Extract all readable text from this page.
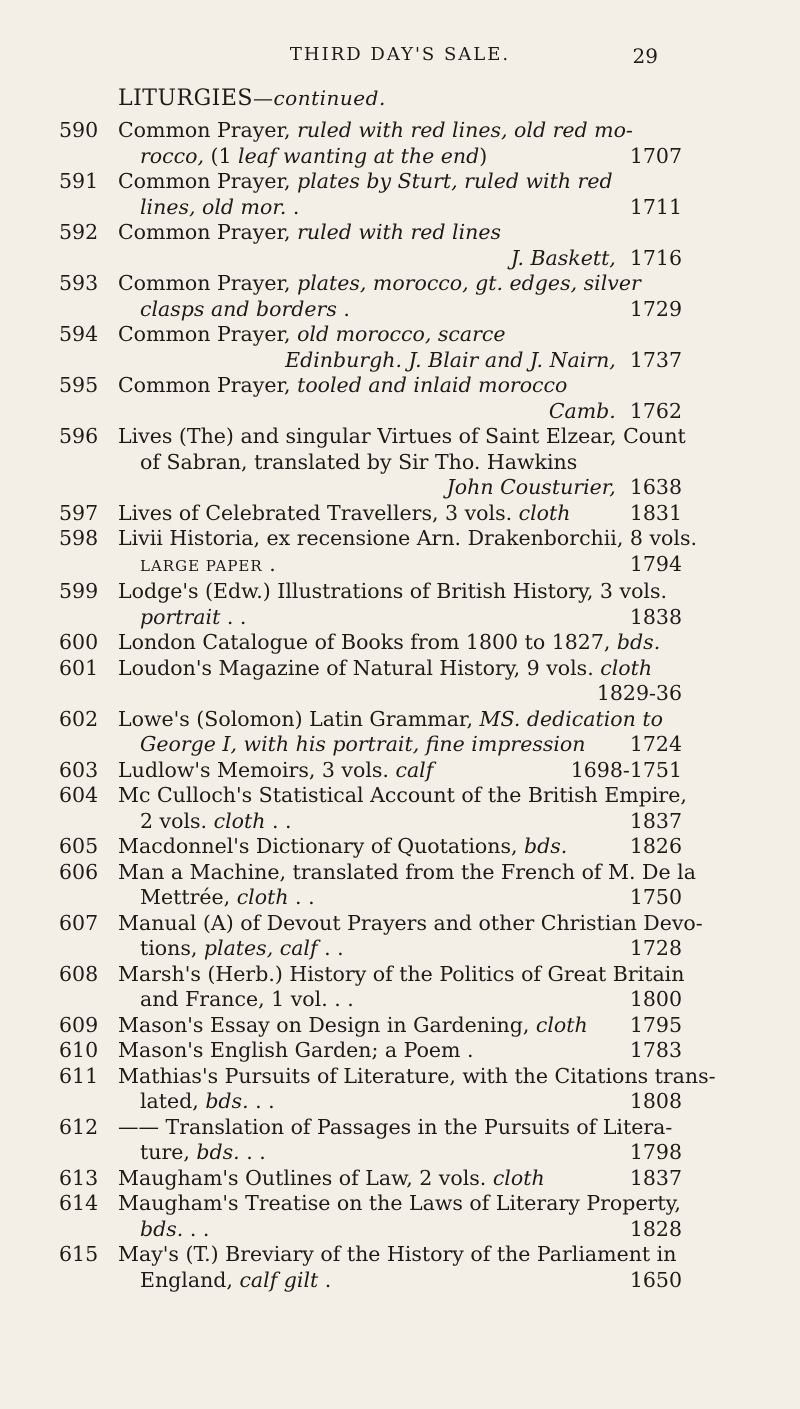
THIRD DAY'S SALE.	29
LITURGIES—continued.
590 Common Prayer, ruled with red lines, old red mo-
rocco, (1 leaf wanting at the end)	1707
591 Common Prayer, plates by Sturt, ruled with red
lines, old mor. .	1711
592 Common Prayer, ruled with red lines
J. Baskett, 1716
593 Common Prayer, plates, morocco, gt. edges, silver
clasps and borders .	1729
594 Common Prayer, old morocco, scarce
Edinburgh. J. Blair and J. Nairn, 1737
595 Common Prayer, tooled and inlaid morocco
Camb. 1762
596 Lives (The) and singular Virtues of Saint Elzear, Count
of Sabran, translated by Sir Tho. Hawkins
John Cousturier, 1638
597 Lives of Celebrated Travellers, 3 vols. cloth	1831
598 Livii Historia, ex recensione Arn. Drakenborchii, 8 vols.
LARGE PAPER .	1794
599 Lodge's (Edw.) Illustrations of British History, 3 vols.
portrait . .	1838
600 London Catalogue of Books from 1800 to 1827, bds.
601 Loudon's Magazine of Natural History, 9 vols. cloth
1829-36
602 Lowe's (Solomon) Latin Grammar, MS. dedication to
George I, with his portrait, fine impression 1724
603 Ludlow's Memoirs, 3 vols. calf	1698-1751
604 Mc Culloch's Statistical Account of the British Empire,
2 vols. cloth . .	1837
605 Macdonnel's Dictionary of Quotations, bds.	1826
606 Man a Machine, translated from the French of M. De la
Mettrée, cloth . .	1750
607 Manual (A) of Devout Prayers and other Christian Devo-
tions, plates, calf . .	1728
608 Marsh's (Herb.) History of the Politics of Great Britain
and France, 1 vol. . .	1800
609 Mason's Essay on Design in Gardening, cloth 1795
610 Mason's English Garden; a Poem .	1783
611 Mathias's Pursuits of Literature, with the Citations trans-
lated, bds. . .	1808
612 —— Translation of Passages in the Pursuits of Litera-
ture, bds. . .	1798
613 Maugham's Outlines of Law, 2 vols. cloth	1837
614 Maugham's Treatise on the Laws of Literary Property,
bds. . .	1828
615 May's (T.) Breviary of the History of the Parliament in
England, calf gilt .	1650
